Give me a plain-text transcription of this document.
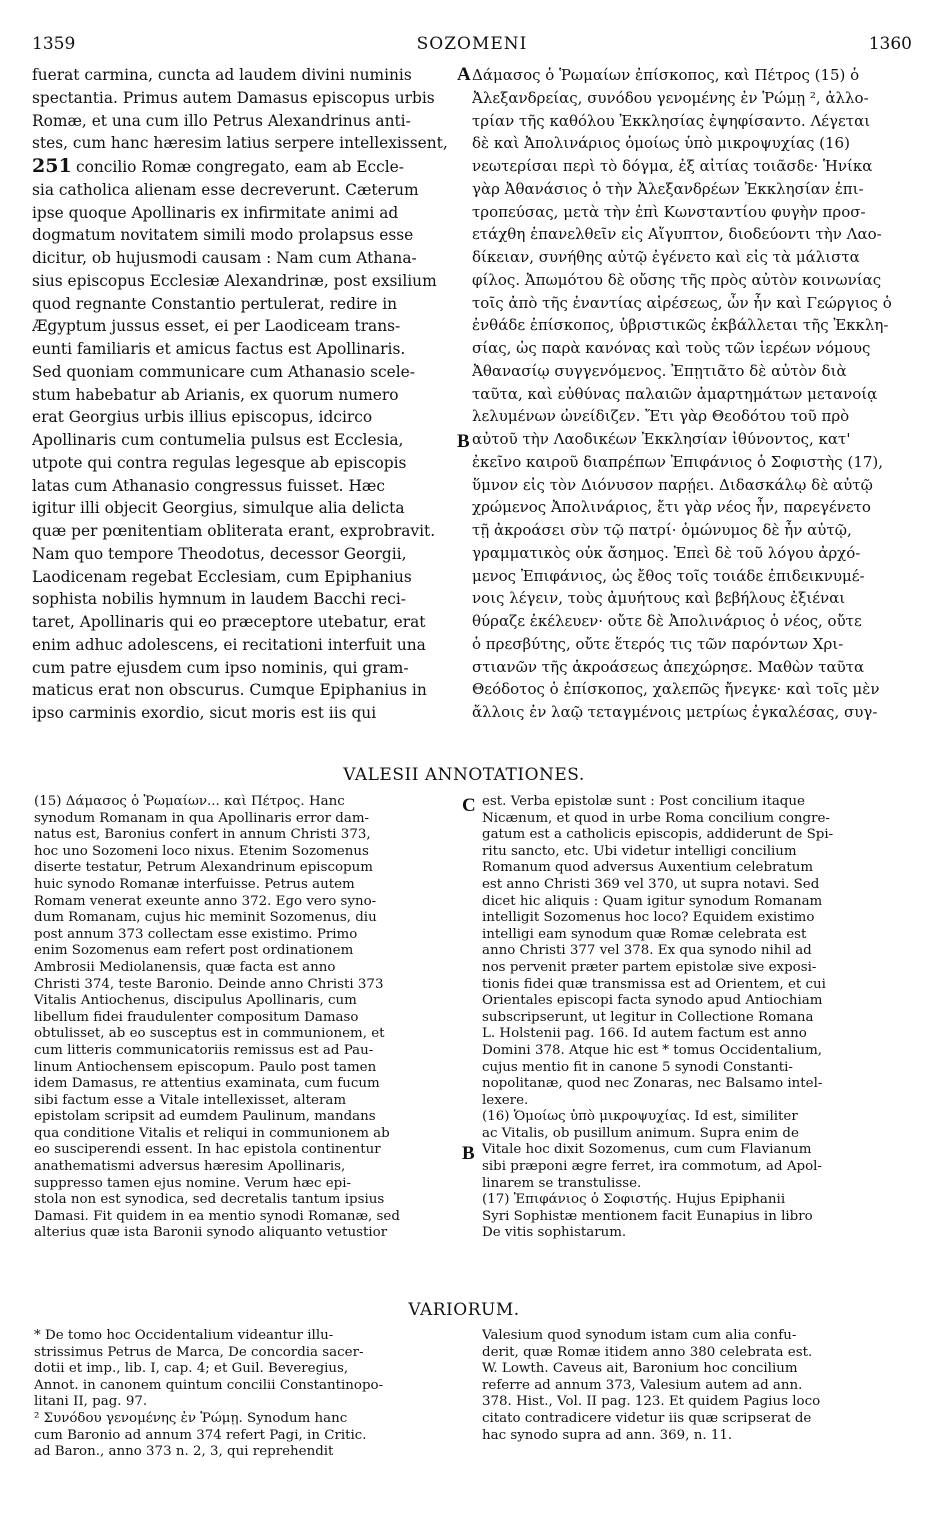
1359	SOZOMENI	1360
fuerat carmina, cuncta ad laudem divini numinis
spectantia. Primus autem Damasus episcopus urbis
Romæ, et una cum illo Petrus Alexandrinus anti-
stes, cum hanc hæresim latius serpere intellexissent,
251 concilio Romæ congregato, eam ab Eccle-
sia catholica alienam esse decreverunt. Cæterum
ipse quoque Apollinaris ex infirmitate animi ad
dogmatum novitatem simili modo prolapsus esse
dicitur, ob hujusmodi causam : Nam cum Athana-
sius episcopus Ecclesiæ Alexandrinæ, post exsilium
quod regnante Constantio pertulerat, redire in
Ægyptum jussus esset, ei per Laodiceam trans-
eunti familiaris et amicus factus est Apollinaris.
Sed quoniam communicare cum Athanasio scele-
stum habebatur ab Arianis, ex quorum numero
erat Georgius urbis illius episcopus, idcirco
Apollinaris cum contumelia pulsus est Ecclesia,
utpote qui contra regulas legesque ab episcopis
latas cum Athanasio congressus fuisset. Hæc
igitur illi objecit Georgius, simulque alia delicta
quæ per pœnitentiam obliterata erant, exprobravit.
Nam quo tempore Theodotus, decessor Georgii,
Laodicenam regebat Ecclesiam, cum Epiphanius
sophista nobilis hymnum in laudem Bacchi reci-
taret, Apollinaris qui eo præceptore utebatur, erat
enim adhuc adolescens, ei recitationi interfuit una
cum patre ejusdem cum ipso nominis, qui gram-
maticus erat non obscurus. Cumque Epiphanius in
ipso carminis exordio, sicut moris est iis qui
Δάμασος ὁ Ῥωμαίων ἐπίσκοπος, καὶ Πέτρος (15) ὁ
Ἀλεξανδρείας, συνόδου γενομένης ἐν Ῥώμῃ ², ἀλλο-
τρίαν τῆς καθόλου Ἐκκλησίας ἐψηφίσαντο. Λέγεται
δὲ καὶ Ἀπολινάριος ὁμοίως ὑπὸ μικροψυχίας (16)
νεωτερίσαι περὶ τὸ δόγμα, ἐξ αἰτίας τοιᾶσδε· Ἡνίκα
γὰρ Ἀθανάσιος ὁ τὴν Ἀλεξανδρέων Ἐκκλησίαν ἐπι-
τροπεύσας, μετὰ τὴν ἐπὶ Κωνσταντίου φυγὴν προσ-
ετάχθη ἐπανελθεῖν εἰς Αἴγυπτον, διοδεύοντι τὴν Λαο-
δίκειαν, συνήθης αὐτῷ ἐγένετο καὶ εἰς τὰ μάλιστα
φίλος. Ἀπωμότου δὲ οὔσης τῆς πρὸς αὐτὸν κοινωνίας
τοῖς ἀπὸ τῆς ἐναντίας αἱρέσεως, ὧν ἦν καὶ Γεώργιος ὁ
ἐνθάδε ἐπίσκοπος, ὑβριστικῶς ἐκβάλλεται τῆς Ἐκκλη-
σίας, ὡς παρὰ κανόνας καὶ τοὺς τῶν ἱερέων νόμους
Ἀθανασίῳ συγγενόμενος. Ἐπῃτιᾶτο δὲ αὐτὸν διὰ
ταῦτα, καὶ εὐθύνας παλαιῶν ἁμαρτημάτων μετανοίᾳ
λελυμένων ὠνείδιζεν. Ἔτι γὰρ Θεοδότου τοῦ πρὸ
αὐτοῦ τὴν Λαοδικέων Ἐκκλησίαν ἰθύνοντος, κατ'
ἐκεῖνο καιροῦ διαπρέπων Ἐπιφάνιος ὁ Σοφιστὴς (17),
ὕμνον εἰς τὸν Διόνυσον παρῄει. Διδασκάλῳ δὲ αὐτῷ
χρώμενος Ἀπολινάριος, ἔτι γὰρ νέος ἦν, παρεγένετο
τῇ ἀκροάσει σὺν τῷ πατρί· ὁμώνυμος δὲ ἦν αὐτῷ,
γραμματικὸς οὐκ ἄσημος. Ἐπεὶ δὲ τοῦ λόγου ἀρχό-
μενος Ἐπιφάνιος, ὡς ἔθος τοῖς τοιάδε ἐπιδεικνυμέ-
νοις λέγειν, τοὺς ἀμυήτους καὶ βεβήλους ἐξιέναι
θύραζε ἐκέλευεν· οὔτε δὲ Ἀπολινάριος ὁ νέος, οὔτε
ὁ πρεσβύτης, οὔτε ἕτερός τις τῶν παρόντων Χρι-
στιανῶν τῆς ἀκροάσεως ἀπεχώρησε. Μαθὼν ταῦτα
Θεόδοτος ὁ ἐπίσκοπος, χαλεπῶς ἤνεγκε· καὶ τοῖς μὲν
ἄλλοις ἐν λαῷ τεταγμένοις μετρίως ἐγκαλέσας, συγ-
A
B
VALESII ANNOTATIONES.
(15) Δάμασος ὁ Ῥωμαίων... καὶ Πέτρος. Hanc
synodum Romanam in qua Apollinaris error dam-
natus est, Baronius confert in annum Christi 373,
hoc uno Sozomeni loco nixus. Etenim Sozomenus
diserte testatur, Petrum Alexandrinum episcopum
huic synodo Romanæ interfuisse. Petrus autem
Romam venerat exeunte anno 372. Ego vero syno-
dum Romanam, cujus hic meminit Sozomenus, diu
post annum 373 collectam esse existimo. Primo
enim Sozomenus eam refert post ordinationem
Ambrosii Mediolanensis, quæ facta est anno
Christi 374, teste Baronio. Deinde anno Christi 373
Vitalis Antiochenus, discipulus Apollinaris, cum
libellum fidei fraudulenter compositum Damaso
obtulisset, ab eo susceptus est in communionem, et
cum litteris communicatoriis remissus est ad Pau-
linum Antiochensem episcopum. Paulo post tamen
idem Damasus, re attentius examinata, cum fucum
sibi factum esse a Vitale intellexisset, alteram
epistolam scripsit ad eumdem Paulinum, mandans
qua conditione Vitalis et reliqui in communionem ab
eo susciperendi essent. In hac epistola continentur
anathematismi adversus hæresim Apollinaris,
suppresso tamen ejus nomine. Verum hæc epi-
stola non est synodica, sed decretalis tantum ipsius
Damasi. Fit quidem in ea mentio synodi Romanæ, sed
alterius quæ ista Baronii synodo aliquanto vetustior
est. Verba epistolæ sunt : Post concilium itaque
Nicænum, et quod in urbe Roma concilium congre-
gatum est a catholicis episcopis, addiderunt de Spi-
ritu sancto, etc. Ubi videtur intelligi concilium
Romanum quod adversus Auxentium celebratum
est anno Christi 369 vel 370, ut supra notavi. Sed
dicet hic aliquis : Quam igitur synodum Romanam
intelligit Sozomenus hoc loco? Equidem existimo
intelligi eam synodum quæ Romæ celebrata est
anno Christi 377 vel 378. Ex qua synodo nihil ad
nos pervenit præter partem epistolæ sive exposi-
tionis fidei quæ transmissa est ad Orientem, et cui
Orientales episcopi facta synodo apud Antiochiam
subscripserunt, ut legitur in Collectione Romana
L. Holstenii pag. 166. Id autem factum est anno
Domini 378. Atque hic est * tomus Occidentalium,
cujus mentio fit in canone 5 synodi Constanti-
nopolitanæ, quod nec Zonaras, nec Balsamo intel-
lexere.
(16) Ὁμοίως ὑπὸ μικροψυχίας. Id est, similiter
ac Vitalis, ob pusillum animum. Supra enim de
Vitale hoc dixit Sozomenus, cum cum Flavianum
sibi præponi ægre ferret, ira commotum, ad Apol-
linarem se transtulisse.
(17) Ἐπιφάνιος ὁ Σοφιστής. Hujus Epiphanii
Syri Sophistæ mentionem facit Eunapius in libro
De vitis sophistarum.
C
B
VARIORUM.
* De tomo hoc Occidentalium videantur illu-
strissimus Petrus de Marca, De concordia sacer-
dotii et imp., lib. I, cap. 4; et Guil. Beveregius,
Annot. in canonem quintum concilii Constantinopo-
litani II, pag. 97.
² Συνόδου γενομένης ἐν Ῥώμῃ. Synodum hanc
cum Baronio ad annum 374 refert Pagi, in Critic.
ad Baron., anno 373 n. 2, 3, qui reprehendit
Valesium quod synodum istam cum alia confu-
derit, quæ Romæ itidem anno 380 celebrata est.
W. Lowth. Caveus ait, Baronium hoc concilium
referre ad annum 373, Valesium autem ad ann.
378. Hist., Vol. II pag. 123. Et quidem Pagius loco
citato contradicere videtur iis quæ scripserat de
hac synodo supra ad ann. 369, n. 11.
